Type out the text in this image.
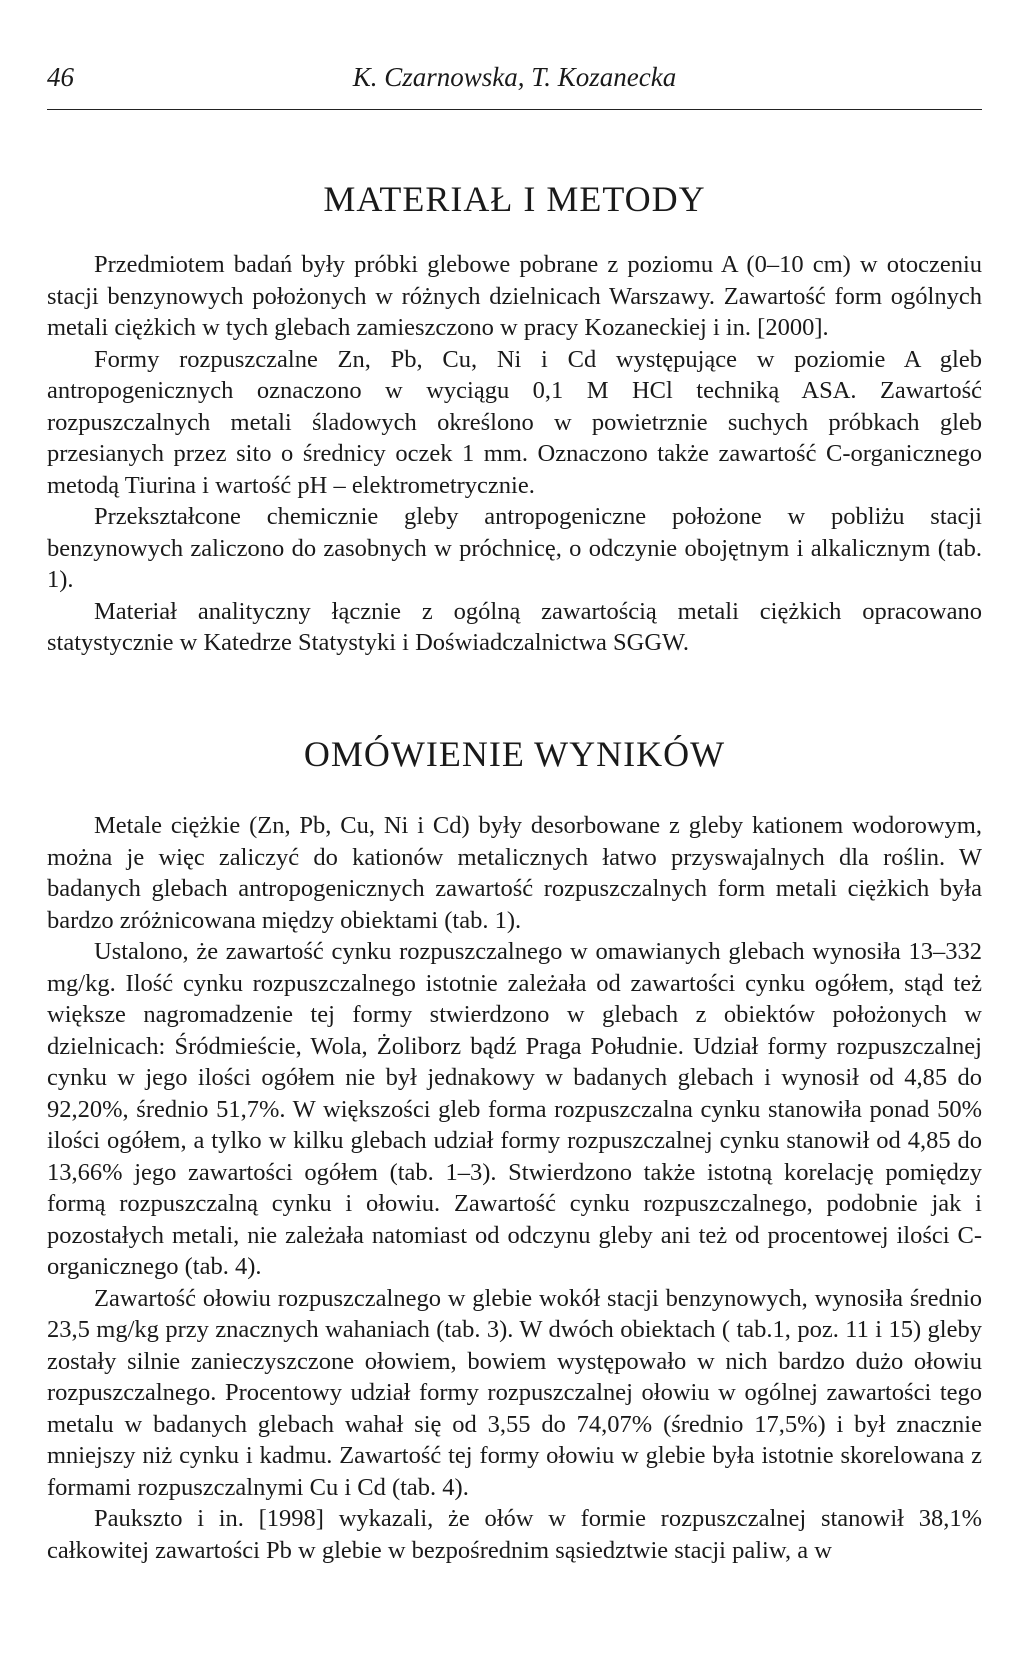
46	K. Czarnowska, T. Kozanecka
MATERIAŁ I METODY

Przedmiotem badań były próbki glebowe pobrane z poziomu A (0–10 cm) w otoczeniu stacji benzynowych położonych w różnych dzielnicach Warszawy. Zawartość form ogólnych metali ciężkich w tych glebach zamieszczono w pracy Kozaneckiej i in. [2000].

Formy rozpuszczalne Zn, Pb, Cu, Ni i Cd występujące w poziomie A gleb antropogenicznych oznaczono w wyciągu 0,1 M HCl techniką ASA. Zawartość rozpuszczalnych metali śladowych określono w powietrznie suchych próbkach gleb przesianych przez sito o średnicy oczek 1 mm. Oznaczono także zawartość C-organicznego metodą Tiurina i wartość pH – elektrometrycznie.

Przekształcone chemicznie gleby antropogeniczne położone w pobliżu stacji benzynowych zaliczono do zasobnych w próchnicę, o odczynie obojętnym i alkalicznym (tab. 1).

Materiał analityczny łącznie z ogólną zawartością metali ciężkich opracowano statystycznie w Katedrze Statystyki i Doświadczalnictwa SGGW.

OMÓWIENIE WYNIKÓW

Metale ciężkie (Zn, Pb, Cu, Ni i Cd) były desorbowane z gleby kationem wodorowym, można je więc zaliczyć do kationów metalicznych łatwo przyswajalnych dla roślin. W badanych glebach antropogenicznych zawartość rozpuszczalnych form metali ciężkich była bardzo zróżnicowana między obiektami (tab. 1).

Ustalono, że zawartość cynku rozpuszczalnego w omawianych glebach wynosiła 13–332 mg/kg. Ilość cynku rozpuszczalnego istotnie zależała od zawartości cynku ogółem, stąd też większe nagromadzenie tej formy stwierdzono w glebach z obiektów położonych w dzielnicach: Śródmieście, Wola, Żoliborz bądź Praga Południe. Udział formy rozpuszczalnej cynku w jego ilości ogółem nie był jednakowy w badanych glebach i wynosił od 4,85 do 92,20%, średnio 51,7%. W większości gleb forma rozpuszczalna cynku stanowiła ponad 50% ilości ogółem, a tylko w kilku glebach udział formy rozpuszczalnej cynku stanowił od 4,85 do 13,66% jego zawartości ogółem (tab. 1–3). Stwierdzono także istotną korelację pomiędzy formą rozpuszczalną cynku i ołowiu. Zawartość cynku rozpuszczalnego, podobnie jak i pozostałych metali, nie zależała natomiast od odczynu gleby ani też od procentowej ilości C-organicznego (tab. 4).

Zawartość ołowiu rozpuszczalnego w glebie wokół stacji benzynowych, wynosiła średnio 23,5 mg/kg przy znacznych wahaniach (tab. 3). W dwóch obiektach ( tab.1, poz. 11 i 15) gleby zostały silnie zanieczyszczone ołowiem, bowiem występowało w nich bardzo dużo ołowiu rozpuszczalnego. Procentowy udział formy rozpuszczalnej ołowiu w ogólnej zawartości tego metalu w badanych glebach wahał się od 3,55 do 74,07% (średnio 17,5%) i był znacznie mniejszy niż cynku i kadmu. Zawartość tej formy ołowiu w glebie była istotnie skorelowana z formami rozpuszczalnymi Cu i Cd (tab. 4).

Paukszto i in. [1998] wykazali, że ołów w formie rozpuszczalnej stanowił 38,1% całkowitej zawartości Pb w glebie w bezpośrednim sąsiedztwie stacji paliw, a w
